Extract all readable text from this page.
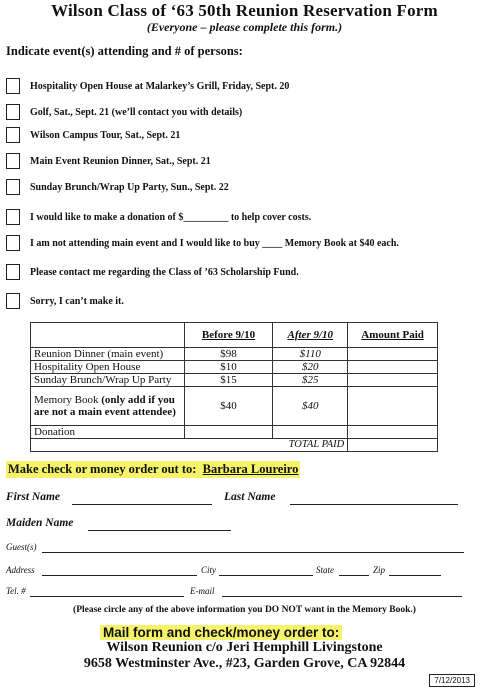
Wilson Class of ‘63 50th Reunion Reservation Form
(Everyone – please complete this form.)
Indicate event(s) attending and # of persons:
Hospitality Open House at Malarkey’s Grill, Friday, Sept. 20
Golf, Sat., Sept. 21 (we’ll contact you with details)
Wilson Campus Tour, Sat., Sept. 21
Main Event Reunion Dinner, Sat., Sept. 21
Sunday Brunch/Wrap Up Party, Sun., Sept. 22
I would like to make a donation of $_________ to help cover costs.
I am not attending main event and I would like to buy ____ Memory Book at $40 each.
Please contact me regarding the Class of ’63 Scholarship Fund.
Sorry, I can’t make it.
	Before 9/10	After 9/10	Amount Paid
Reunion Dinner (main event)	$98	$110	
Hospitality Open House	$10	$20	
Sunday Brunch/Wrap Up Party	$15	$25	
Memory Book (only add if you are not a main event attendee)	$40	$40	
Donation			
TOTAL PAID			
Make check or money order out to: Barbara Loureiro
First Name	Last Name
Maiden Name
Guest(s)
Address	City	State	Zip
Tel. #	E-mail
(Please circle any of the above information you DO NOT want in the Memory Book.)
Mail form and check/money order to:
Wilson Reunion c/o Jeri Hemphill Livingstone
9658 Westminster Ave., #23, Garden Grove, CA 92844
7/12/2013
